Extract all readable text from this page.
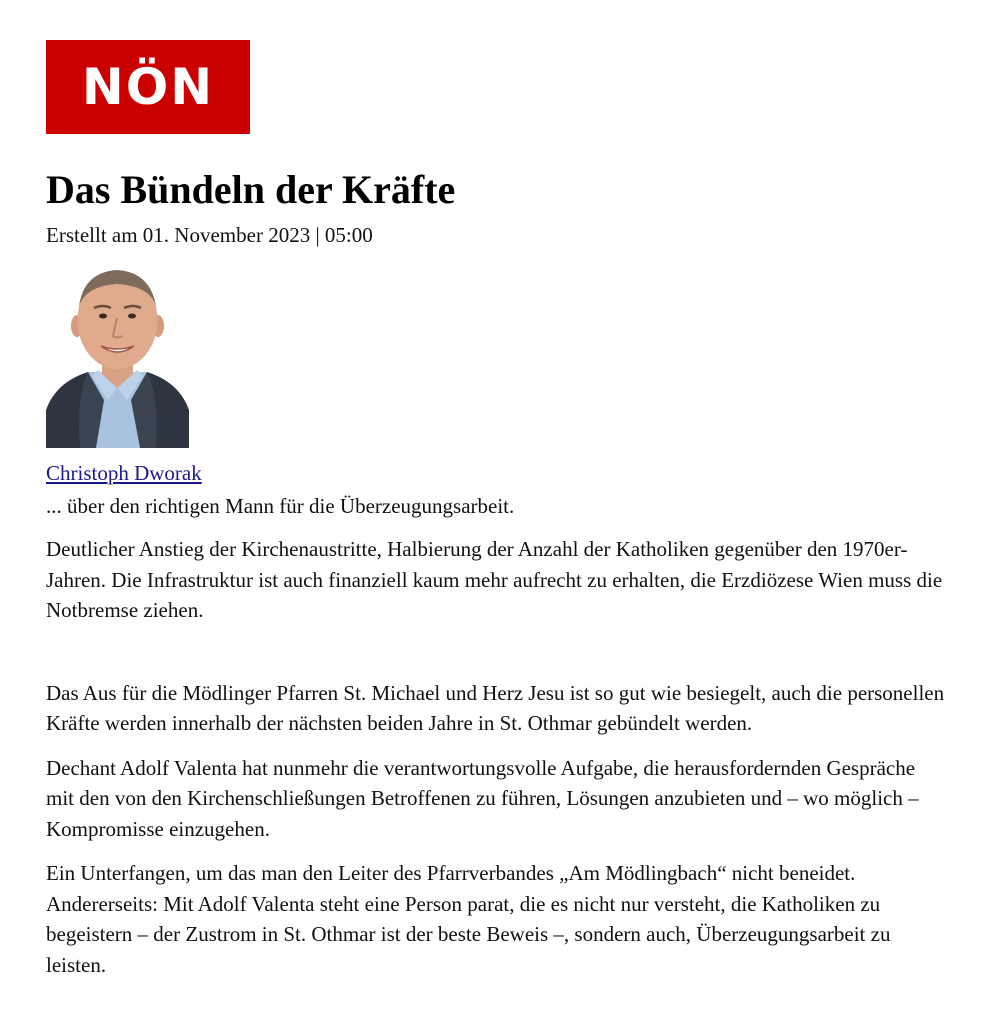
NÖN
Das Bündeln der Kräfte
Erstellt am 01. November 2023 | 05:00
Christoph Dworak
... über den richtigen Mann für die Überzeugungsarbeit.

Deutlicher Anstieg der Kirchenaustritte, Halbierung der Anzahl der Katholiken gegenüber den 1970er-Jahren. Die Infrastruktur ist auch finanziell kaum mehr aufrecht zu erhalten, die Erzdiözese Wien muss die Notbremse ziehen.

Das Aus für die Mödlinger Pfarren St. Michael und Herz Jesu ist so gut wie besiegelt, auch die personellen Kräfte werden innerhalb der nächsten beiden Jahre in St. Othmar gebündelt werden.

Dechant Adolf Valenta hat nunmehr die verantwortungsvolle Aufgabe, die herausfordernden Gespräche mit den von den Kirchenschließungen Betroffenen zu führen, Lösungen anzubieten und – wo möglich – Kompromisse einzugehen.

Ein Unterfangen, um das man den Leiter des Pfarrverbandes „Am Mödlingbach“ nicht beneidet. Andererseits: Mit Adolf Valenta steht eine Person parat, die es nicht nur versteht, die Katholiken zu begeistern – der Zustrom in St. Othmar ist der beste Beweis –, sondern auch, Überzeugungsarbeit zu leisten.
